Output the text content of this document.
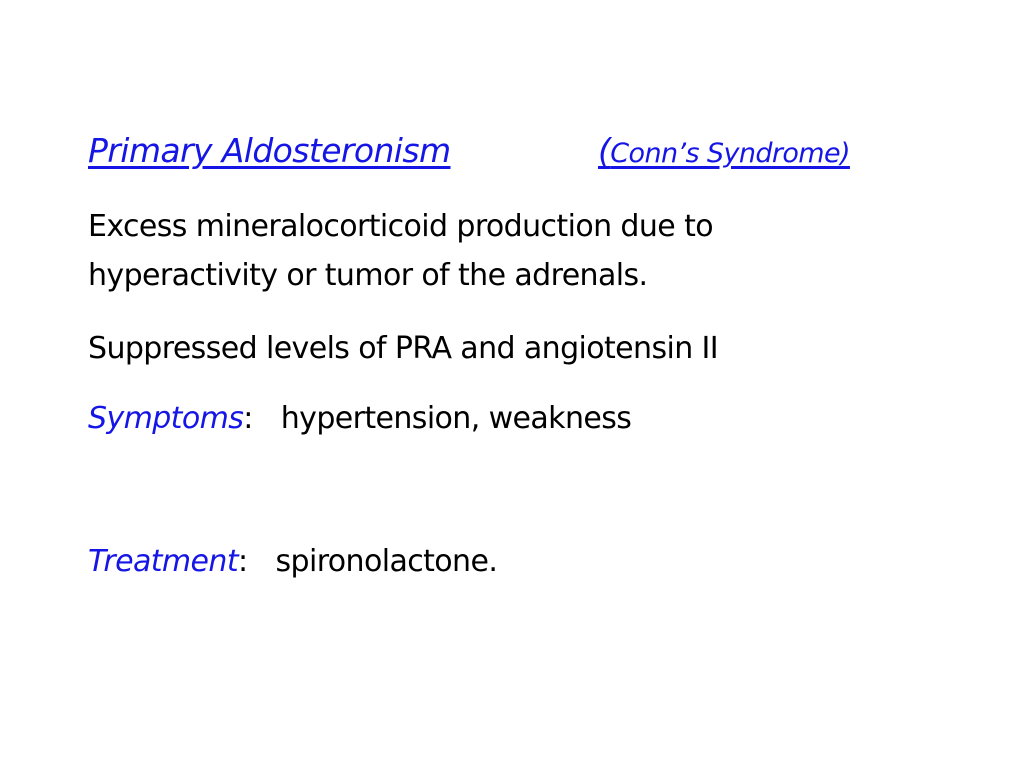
Primary Aldosteronism	(Conn’s Syndrome)
Excess mineralocorticoid production due to
hyperactivity or tumor of the adrenals.
Suppressed levels of PRA and angiotensin II
Symptoms: hypertension, weakness
Treatment: spironolactone.
